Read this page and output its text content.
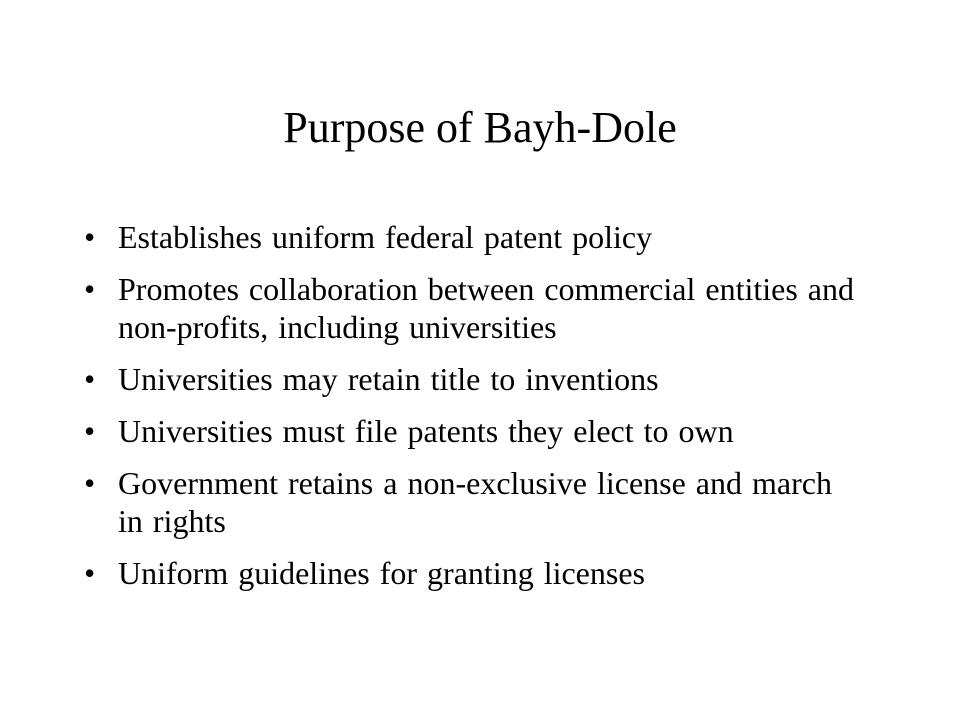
Purpose of Bayh-Dole
• Establishes uniform federal patent policy
• Promotes collaboration between commercial entities and non-profits, including universities
• Universities may retain title to inventions
• Universities must file patents they elect to own
• Government retains a non-exclusive license and march in rights
• Uniform guidelines for granting licenses
